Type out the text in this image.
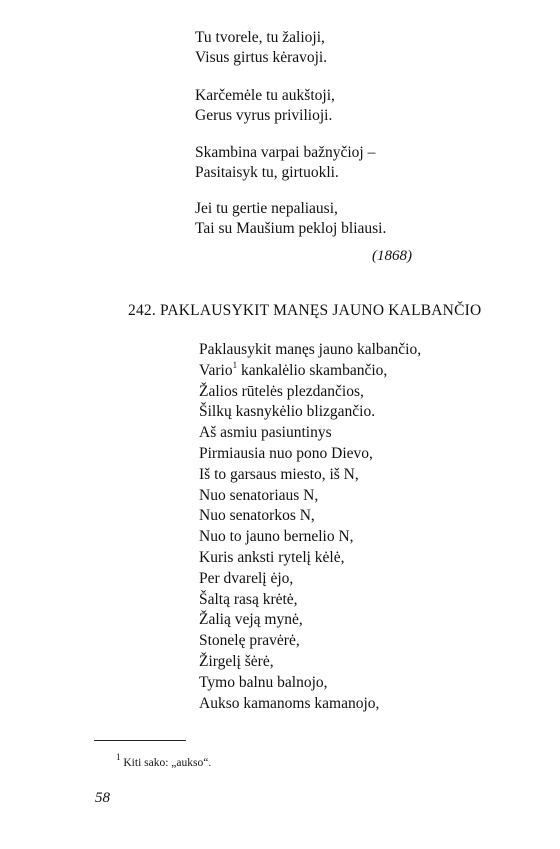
Tu tvorele, tu žalioji,
Visus girtus kėravoji.
Karčemėle tu aukštoji,
Gerus vyrus privilioji.
Skambina varpai bažnyčioj –
Pasitaisyk tu, girtuokli.
Jei tu gertie nepaliausi,
Tai su Maušium pekloj bliausi.
(1868)
242. PAKLAUSYKIT MANĘS JAUNO KALBANČIO
Paklausykit manęs jauno kalbančio,
Vario$^1$ kankalėlio skambančio,
Žalios rūtelės plezdančios,
Šilkų kasnykėlio blizgančio.
Aš asmiu pasiuntinys
Pirmiausia nuo pono Dievo,
Iš to garsaus miesto, iš N,
Nuo senatoriaus N,
Nuo senatorkos N,
Nuo to jauno bernelio N,
Kuris anksti rytelį kėlė,
Per dvarelį ėjo,
Šaltą rasą krėtė,
Žalią veją mynė,
Stonelę pravėrė,
Žirgelį šėrė,
Tymo balnu balnojo,
Aukso kamanoms kamanojo,
$^1$ Kiti sako: „aukso“.
58
